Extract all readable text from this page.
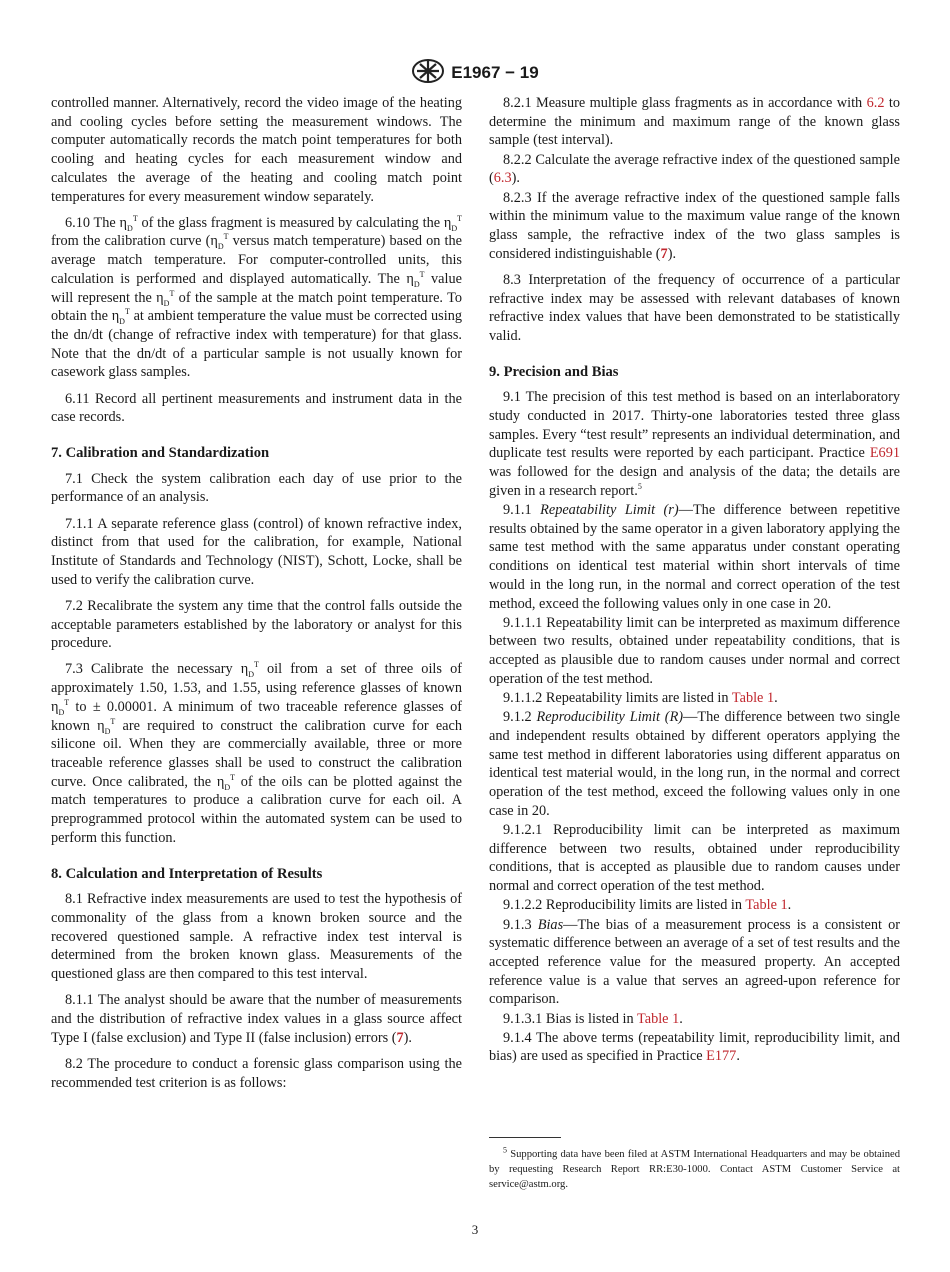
E1967 − 19

controlled manner. Alternatively, record the video image of the heating and cooling cycles before setting the measurement windows. The computer automatically records the match point temperatures for both cooling and heating cycles for each measurement window and calculates the average of the heating and cooling match point temperatures for every measurement window separately.

6.10 The $\eta_D^T$ of the glass fragment is measured by calculating the $\eta_D^T$ from the calibration curve ($\eta_D^T$ versus match temperature) based on the average match temperature. For computer-controlled units, this calculation is performed and displayed automatically. The $\eta_D^T$ value will represent the $\eta_D^T$ of the sample at the match point temperature. To obtain the $\eta_D^T$ at ambient temperature the value must be corrected using the dn/dt (change of refractive index with temperature) for that glass. Note that the dn/dt of a particular sample is not usually known for casework glass samples.

6.11 Record all pertinent measurements and instrument data in the case records.

7. Calibration and Standardization

7.1 Check the system calibration each day of use prior to the performance of an analysis.

7.1.1 A separate reference glass (control) of known refractive index, distinct from that used for the calibration, for example, National Institute of Standards and Technology (NIST), Schott, Locke, shall be used to verify the calibration curve.

7.2 Recalibrate the system any time that the control falls outside the acceptable parameters established by the laboratory or analyst for this procedure.

7.3 Calibrate the necessary $\eta_D^T$ oil from a set of three oils of approximately 1.50, 1.53, and 1.55, using reference glasses of known $\eta_D^T$ to ± 0.00001. A minimum of two traceable reference glasses of known $\eta_D^T$ are required to construct the calibration curve for each silicone oil. When they are commercially available, three or more traceable reference glasses shall be used to construct the calibration curve. Once calibrated, the $\eta_D^T$ of the oils can be plotted against the match temperatures to produce a calibration curve for each oil. A preprogrammed protocol within the automated system can be used to perform this function.

8. Calculation and Interpretation of Results

8.1 Refractive index measurements are used to test the hypothesis of commonality of the glass from a known broken source and the recovered questioned sample. A refractive index test interval is determined from the broken known glass. Measurements of the questioned glass are then compared to this test interval.

8.1.1 The analyst should be aware that the number of measurements and the distribution of refractive index values in a glass source affect Type I (false exclusion) and Type II (false inclusion) errors (7).

8.2 The procedure to conduct a forensic glass comparison using the recommended test criterion is as follows:

8.2.1 Measure multiple glass fragments as in accordance with 6.2 to determine the minimum and maximum range of the known glass sample (test interval).

8.2.2 Calculate the average refractive index of the questioned sample (6.3).

8.2.3 If the average refractive index of the questioned sample falls within the minimum value to the maximum value range of the known glass sample, the refractive index of the two glass samples is considered indistinguishable (7).

8.3 Interpretation of the frequency of occurrence of a particular refractive index may be assessed with relevant databases of known refractive index values that have been demonstrated to be statistically valid.

9. Precision and Bias

9.1 The precision of this test method is based on an interlaboratory study conducted in 2017. Thirty-one laboratories tested three glass samples. Every “test result” represents an individual determination, and duplicate test results were reported by each participant. Practice E691 was followed for the design and analysis of the data; the details are given in a research report.$^5$

9.1.1 Repeatability Limit (r)—The difference between repetitive results obtained by the same operator in a given laboratory applying the same test method with the same apparatus under constant operating conditions on identical test material within short intervals of time would in the long run, in the normal and correct operation of the test method, exceed the following values only in one case in 20.

9.1.1.1 Repeatability limit can be interpreted as maximum difference between two results, obtained under repeatability conditions, that is accepted as plausible due to random causes under normal and correct operation of the test method.

9.1.1.2 Repeatability limits are listed in Table 1.

9.1.2 Reproducibility Limit (R)—The difference between two single and independent results obtained by different operators applying the same test method in different laboratories using different apparatus on identical test material would, in the long run, in the normal and correct operation of the test method, exceed the following values only in one case in 20.

9.1.2.1 Reproducibility limit can be interpreted as maximum difference between two results, obtained under reproducibility conditions, that is accepted as plausible due to random causes under normal and correct operation of the test method.

9.1.2.2 Reproducibility limits are listed in Table 1.

9.1.3 Bias—The bias of a measurement process is a consistent or systematic difference between an average of a set of test results and the accepted reference value for the measured property. An accepted reference value is a value that serves an agreed-upon reference for comparison.

9.1.3.1 Bias is listed in Table 1.

9.1.4 The above terms (repeatability limit, reproducibility limit, and bias) are used as specified in Practice E177.

$^5$ Supporting data have been filed at ASTM International Headquarters and may be obtained by requesting Research Report RR:E30-1000. Contact ASTM Customer Service at service@astm.org.
3
